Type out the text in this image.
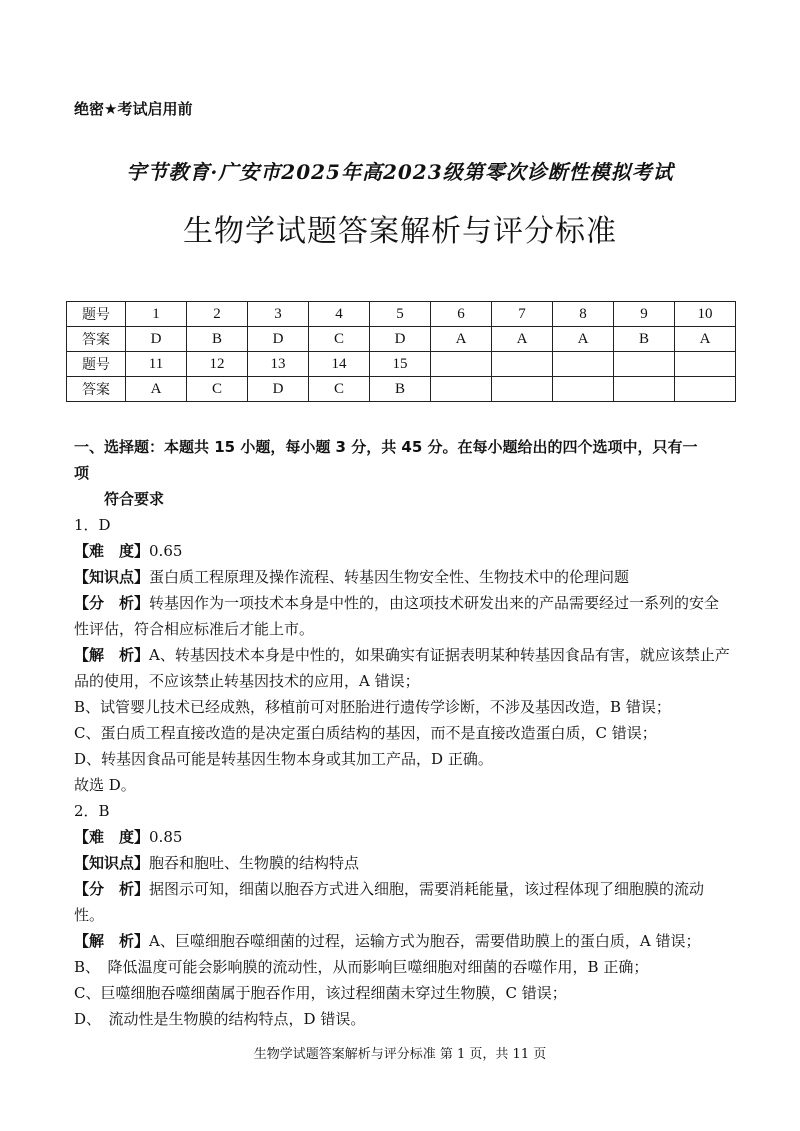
绝密★考试启用前
宇节教育·广安市2025年高2023级第零次诊断性模拟考试
生物学试题答案解析与评分标准
题号	1	2	3	4	5	6	7	8	9	10
答案	D	B	D	C	D	A	A	A	B	A
题号	11	12	13	14	15					
答案	A	C	D	C	B					

一、选择题：本题共 15 小题，每小题 3 分，共 45 分。在每小题给出的四个选项中，只有一

项

符合要求

1．D

【难　度】0.65

【知识点】蛋白质工程原理及操作流程、转基因生物安全性、生物技术中的伦理问题

【分　析】转基因作为一项技术本身是中性的，由这项技术研发出来的产品需要经过一系列的安全性评估，符合相应标准后才能上市。

【解　析】A、转基因技术本身是中性的，如果确实有证据表明某种转基因食品有害，就应该禁止产品的使用，不应该禁止转基因技术的应用，A 错误；

B、试管婴儿技术已经成熟，移植前可对胚胎进行遗传学诊断，不涉及基因改造，B 错误；

C、蛋白质工程直接改造的是决定蛋白质结构的基因，而不是直接改造蛋白质，C 错误；

D、转基因食品可能是转基因生物本身或其加工产品，D 正确。

故选 D。

2．B

【难　度】0.85

【知识点】胞吞和胞吐、生物膜的结构特点

【分　析】据图示可知，细菌以胞吞方式进入细胞，需要消耗能量，该过程体现了细胞膜的流动性。

【解　析】A、巨噬细胞吞噬细菌的过程，运输方式为胞吞，需要借助膜上的蛋白质，A 错误；

B、　降低温度可能会影响膜的流动性，从而影响巨噬细胞对细菌的吞噬作用，B 正确；

C、巨噬细胞吞噬细菌属于胞吞作用，该过程细菌未穿过生物膜，C 错误；

D、　流动性是生物膜的结构特点，D 错误。

生物学试题答案解析与评分标准 第 1 页，共 11 页
